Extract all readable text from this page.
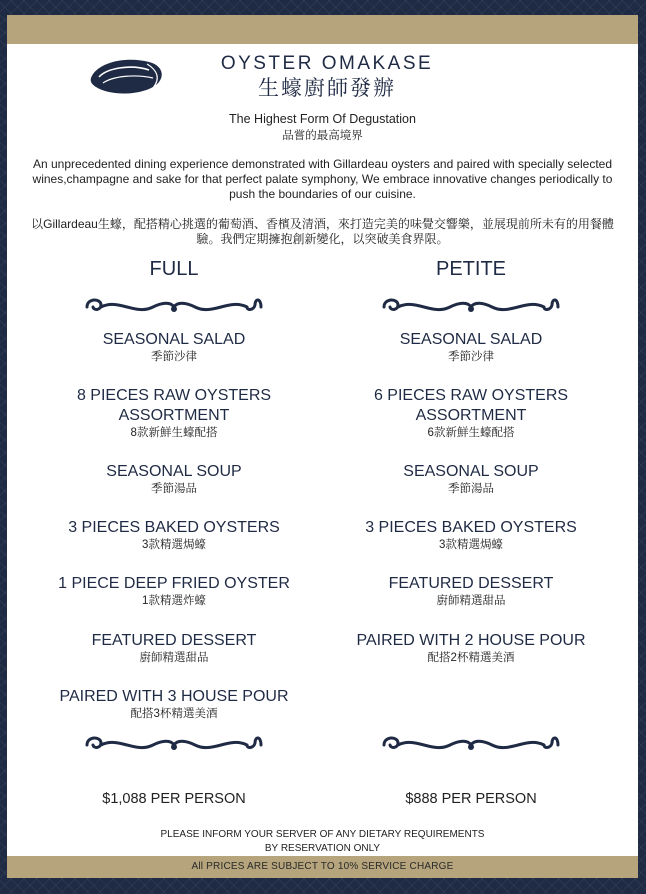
OYSTER OMAKASE
生蠔廚師發辦
The Highest Form Of Degustation
品嘗的最高境界
An unprecedented dining experience demonstrated with Gillardeau oysters and paired with specially selected wines,champagne and sake for that perfect palate symphony, We embrace innovative changes periodically to push the boundaries of our cuisine.
以Gillardeau生蠔，配搭精心挑選的葡萄酒、香檳及清酒，來打造完美的味覺交響樂，並展現前所未有的用餐體驗。我們定期擁抱創新變化，以突破美食界限。
FULL
SEASONAL SALAD
季節沙律
8 PIECES RAW OYSTERS ASSORTMENT
8款新鮮生蠔配搭
SEASONAL SOUP
季節湯品
3 PIECES BAKED OYSTERS
3款精選焗蠔
1 PIECE DEEP FRIED OYSTER
1款精選炸蠔
FEATURED DESSERT
廚師精選甜品
PAIRED WITH 3 HOUSE POUR
配搭3杯精選美酒
$1,088 PER PERSON
PETITE
SEASONAL SALAD
季節沙律
6 PIECES RAW OYSTERS ASSORTMENT
6款新鮮生蠔配搭
SEASONAL SOUP
季節湯品
3 PIECES BAKED OYSTERS
3款精選焗蠔
FEATURED DESSERT
廚師精選甜品
PAIRED WITH 2 HOUSE POUR
配搭2杯精選美酒
$888 PER PERSON
PLEASE INFORM YOUR SERVER OF ANY DIETARY REQUIREMENTS
BY RESERVATION ONLY
All PRICES ARE SUBJECT TO 10% SERVICE CHARGE
